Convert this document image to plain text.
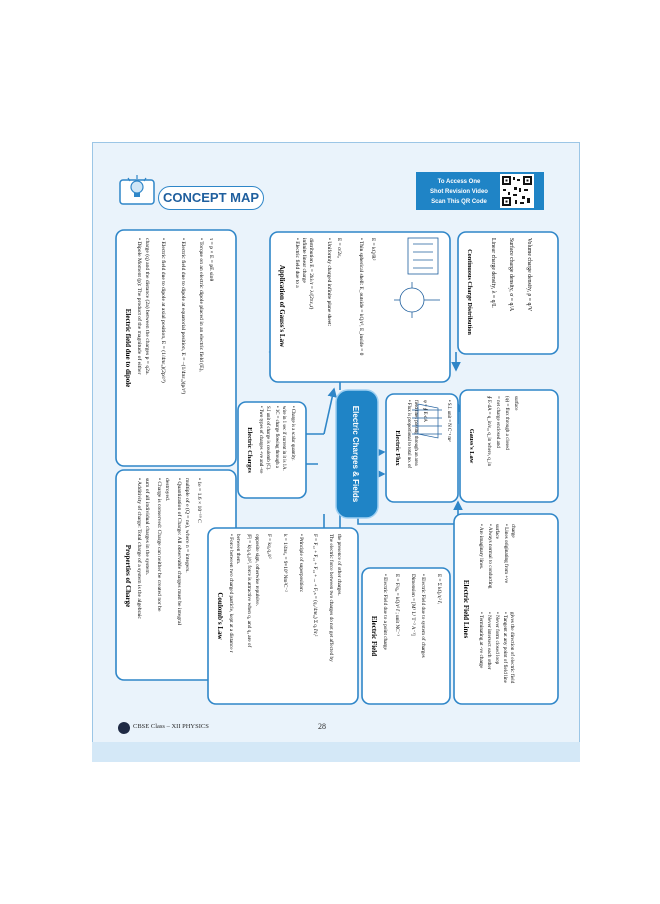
CONCEPT MAP
To Access One
Shot Revision Video
Scan This QR Code
Electric field due to dipole • Dipole Moment (p): The product of the magnitude of either charge (q) and the distance (2a) between the charges p = q2a. • Electric field due to dipole at axial position, E = (1/4πε₀)(2p/r³)	• Electric field due to dipole at equatorial position, E = –(1/4πε₀)(p/r³) • Torque on an electric dipole placed in an electric field (E), τ = p × E = pE sinθ
Application of Gauss's Law
• Electric field due to a infinite linear charge distribution E = 2kλ/r = λ/(2πε₀r) • Uniformly charged infinite plane sheet: E = σ/2ε₀	• Thin spherical shell: E_outside = kQ/r², E_inside = 0 E = kQ/R²
Continuous Charge Distribution	Linear charge density, λ = q/L Surface charge density, σ = q/A Volume charge density, ρ = q/V
Electric Charges • Two types of charges +ve and -ve S.I unit of charge is coulomb (C). • 1C = charge flowing through a wire in 1 sec if current in it is 1A. • Charge is a scalar quantity.	Electric Charges & Fields	Electric Flux • Flux is proportional to total no. of field lines passing through an area φ = ∮ E·dA	• S.I. unit = N C⁻¹ m²
Gauss's Law ∮ E·dA = q_in/ε₀, q_in where, q_in = net charge enclosed and (φ) = flux through a closed surface
Properties of Charge • Additivity of charge: Total charge of a system is the algebraic sum of all individual charges in the system. • Charge is conserved: Charge can neither be created nor be destroyed. • Quantization of Charge: All observable charges must be integral multiple of e (Q = ne), where n = integers. • 1e = 1.6 × 10⁻¹⁹ C
Coulomb's Law • Force between two charged particle, kept at a distance r between them. |F| = k|q₁q₂|/r², force is attractive when q₁ and q₂ are of opposite sign, otherwise repulsive. F = kq₁q₂/r² k = 1/4πε₀ = 9×10⁹ Nm²C⁻² • Principle of superposition: F = F₁₂ + F₁₃ + F₁₄ + ... + F₁ₙ = (q₁/4πε₀) Σ qᵢ r̂/rᵢ² The electric force between two charges do not get affected by the presence of other charges.
Electric Field • Electric Field due to a point charge E = F/q₀ = kQ/r² r̂ ; unit NC⁻¹ Dimension = [M¹ L¹ T⁻³ A⁻¹] • Electric Field due to system of charges E = Σ kQᵢ/rᵢ² r̂ᵢ	Electric Field Lines
• Are imaginary lines. • Always normal to conducting surface • Lines originating from +ve charge
• Terminating at -ve charge • Never intersect each other • Never form closed loop • Tangent at any point of field line gives the direction of electric field
CBSE Class – XII PHYSICS	28
